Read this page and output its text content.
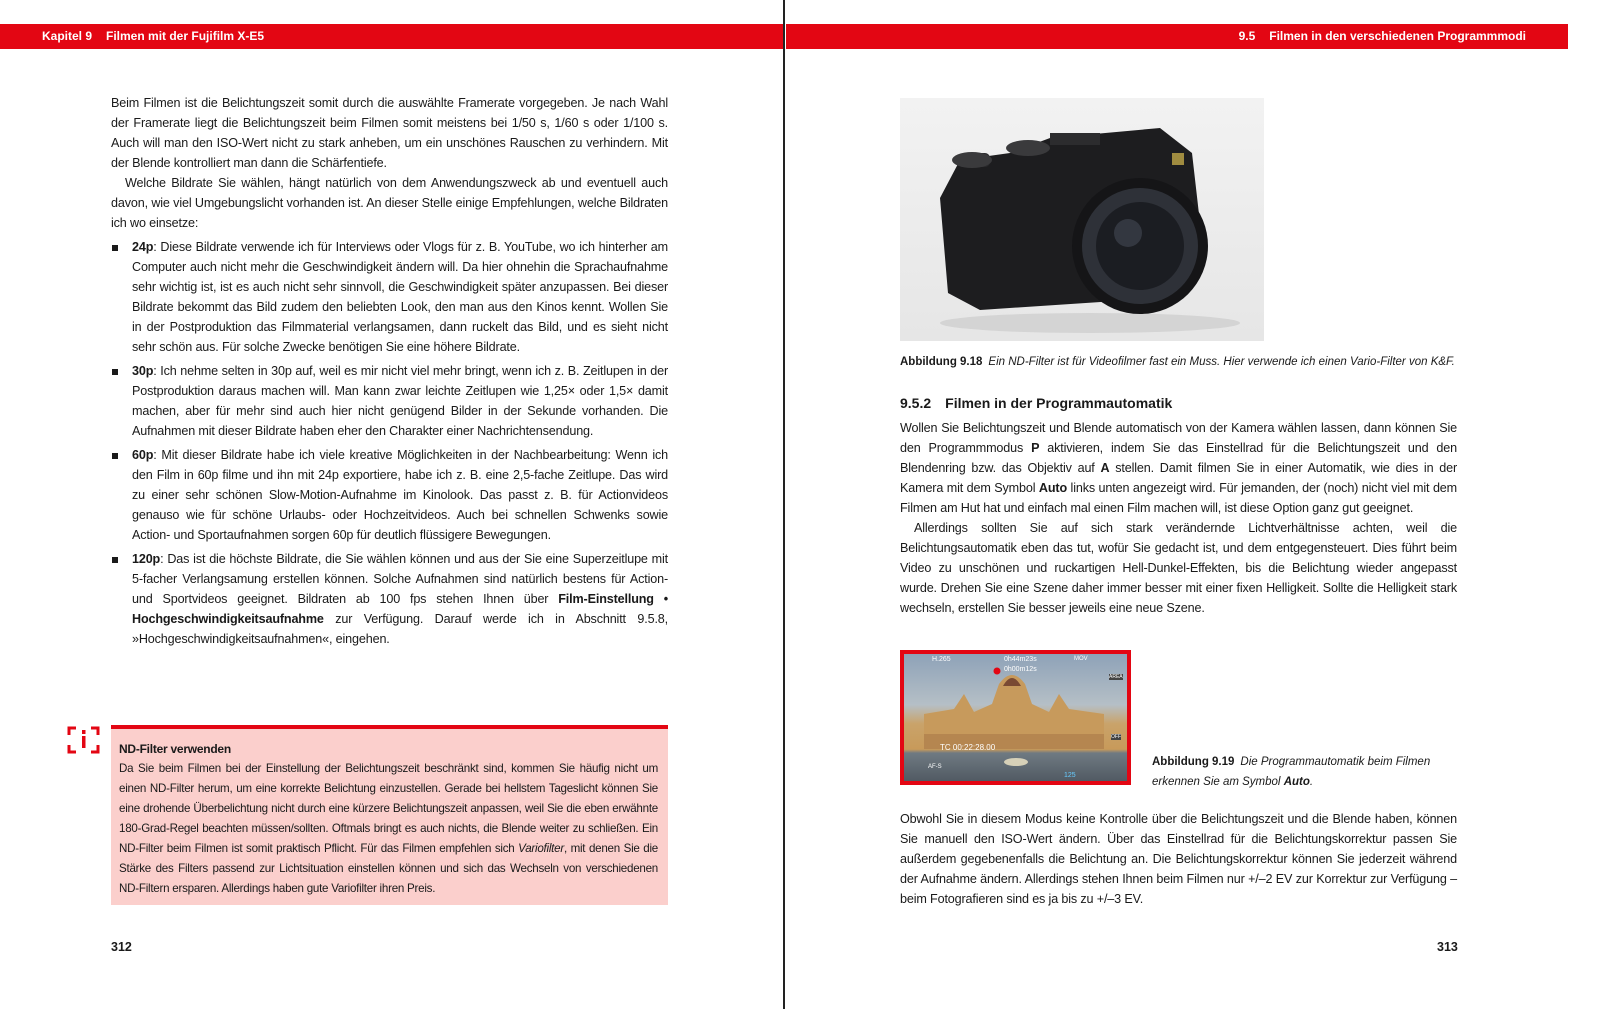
Kapitel 9 Filmen mit der Fujifilm X-E5	9.5 Filmen in den verschiedenen Programmmodi

Beim Filmen ist die Belichtungszeit somit durch die auswählte Framerate vorgegeben. Je nach Wahl der Framerate liegt die Belichtungszeit beim Filmen somit meistens bei 1/50 s, 1/60 s oder 1/100 s. Auch will man den ISO-Wert nicht zu stark anheben, um ein unschönes Rauschen zu verhindern. Mit der Blende kontrolliert man dann die Schärfentiefe.

Welche Bildrate Sie wählen, hängt natürlich von dem Anwendungszweck ab und eventuell auch davon, wie viel Umgebungslicht vorhanden ist. An dieser Stelle einige Empfehlungen, welche Bildraten ich wo einsetze:

24p: Diese Bildrate verwende ich für Interviews oder Vlogs für z. B. YouTube, wo ich hinterher am Computer auch nicht mehr die Geschwindigkeit ändern will. Da hier ohnehin die Sprachaufnahme sehr wichtig ist, ist es auch nicht sehr sinnvoll, die Geschwindigkeit später anzupassen. Bei dieser Bildrate bekommt das Bild zudem den beliebten Look, den man aus den Kinos kennt. Wollen Sie in der Postproduktion das Filmmaterial verlangsamen, dann ruckelt das Bild, und es sieht nicht sehr schön aus. Für solche Zwecke benötigen Sie eine höhere Bildrate.
30p: Ich nehme selten in 30p auf, weil es mir nicht viel mehr bringt, wenn ich z. B. Zeitlupen in der Postproduktion daraus machen will. Man kann zwar leichte Zeitlupen wie 1,25× oder 1,5× damit machen, aber für mehr sind auch hier nicht genügend Bilder in der Sekunde vorhanden. Die Aufnahmen mit dieser Bildrate haben eher den Charakter einer Nachrichtensendung.
60p: Mit dieser Bildrate habe ich viele kreative Möglichkeiten in der Nachbearbeitung: Wenn ich den Film in 60p filme und ihn mit 24p exportiere, habe ich z. B. eine 2,5-fache Zeitlupe. Das wird zu einer sehr schönen Slow-Motion-Aufnahme im Kinolook. Das passt z. B. für Actionvideos genauso wie für schöne Urlaubs- oder Hochzeitvideos. Auch bei schnellen Schwenks sowie Action- und Sportaufnahmen sorgen 60p für deutlich flüssigere Bewegungen.
120p: Das ist die höchste Bildrate, die Sie wählen können und aus der Sie eine Superzeitlupe mit 5-facher Verlangsamung erstellen können. Solche Aufnahmen sind natürlich bestens für Action- und Sportvideos geeignet. Bildraten ab 100 fps stehen Ihnen über Film-Einstellung • Hochgeschwindigkeitsaufnahme zur Verfügung. Darauf werde ich in Abschnitt 9.5.8, »Hochgeschwindigkeitsaufnahmen«, eingehen.
ND-Filter verwenden

Da Sie beim Filmen bei der Einstellung der Belichtungszeit beschränkt sind, kommen Sie häufig nicht um einen ND-Filter herum, um eine korrekte Belichtung einzustellen. Gerade bei hellstem Tageslicht können Sie eine drohende Überbelichtung nicht durch eine kürzere Belichtungszeit anpassen, weil Sie die eben erwähnte 180-Grad-Regel beachten müssen/sollten. Oftmals bringt es auch nichts, die Blende weiter zu schließen. Ein ND-Filter beim Filmen ist somit praktisch Pflicht. Für das Filmen empfehlen sich Variofilter, mit denen Sie die Stärke des Filters passend zur Lichtsituation einstellen können und sich das Wechseln von verschiedenen ND-Filtern ersparen. Allerdings haben gute Variofilter ihren Preis.

Abbildung 9.18 Ein ND-Filter ist für Videofilmer fast ein Muss. Hier verwende ich einen Vario-Filter von K&F.
9.5.2 Filmen in der Programmautomatik

Wollen Sie Belichtungszeit und Blende automatisch von der Kamera wählen lassen, dann können Sie den Programmmodus P aktivieren, indem Sie das Einstellrad für die Belichtungszeit und den Blendenring bzw. das Objektiv auf A stellen. Damit filmen Sie in einer Automatik, wie dies in der Kamera mit dem Symbol Auto links unten angezeigt wird. Für jemanden, der (noch) nicht viel mit dem Filmen am Hut hat und einfach mal einen Film machen will, ist diese Option ganz gut geeignet.

Allerdings sollten Sie auf sich stark verändernde Lichtverhältnisse achten, weil die Belichtungsautomatik eben das tut, wofür Sie gedacht ist, und dem entgegensteuert. Dies führt beim Video zu unschönen und ruckartigen Hell-Dunkel-Effekten, bis die Belichtung wieder angepasst wurde. Drehen Sie eine Szene daher immer besser mit einer fixen Helligkeit. Sollte die Helligkeit stark wechseln, erstellen Sie besser jeweils eine neue Szene.

H.265	0h44m23s
0h00m12s
MOV
AREA
OFF
TC 00:22:28.00
AF-S
125
Abbildung 9.19 Die Programmautomatik beim Filmen erkennen Sie am Symbol Auto.

Obwohl Sie in diesem Modus keine Kontrolle über die Belichtungszeit und die Blende haben, können Sie manuell den ISO-Wert ändern. Über das Einstellrad für die Belichtungskorrektur passen Sie außerdem gegebenenfalls die Belichtung an. Die Belichtungskorrektur können Sie jederzeit während der Aufnahme ändern. Allerdings stehen Ihnen beim Filmen nur +/–2 EV zur Korrektur zur Verfügung – beim Fotografieren sind es ja bis zu +/–3 EV.

312	313
